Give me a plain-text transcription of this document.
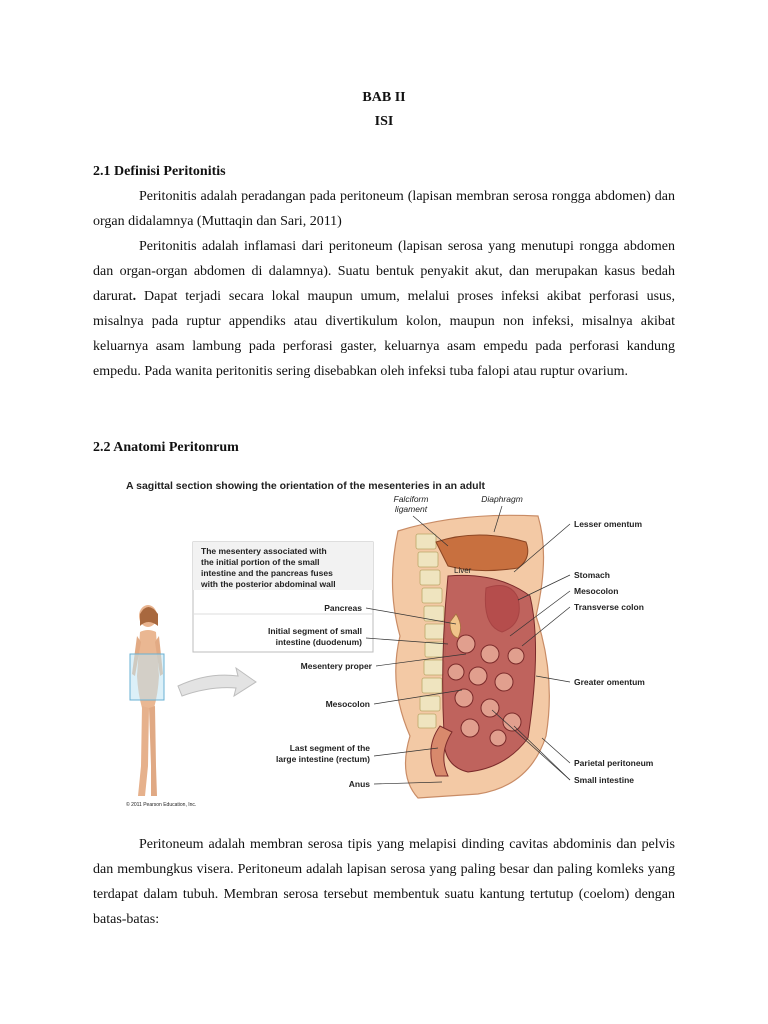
BAB II
ISI
2.1 Definisi Peritonitis

Peritonitis adalah peradangan pada peritoneum (lapisan membran serosa rongga abdomen) dan organ didalamnya (Muttaqin dan Sari, 2011)

Peritonitis adalah inflamasi dari peritoneum (lapisan serosa yang menutupi rongga abdomen dan organ-organ abdomen di dalamnya). Suatu bentuk penyakit akut, dan merupakan kasus bedah darurat. Dapat terjadi secara lokal maupun umum, melalui proses infeksi akibat perforasi usus, misalnya pada ruptur appendiks atau divertikulum kolon, maupun non infeksi, misalnya akibat keluarnya asam lambung pada perforasi gaster, keluarnya asam empedu pada perforasi kandung empedu. Pada wanita peritonitis sering disebabkan oleh infeksi tuba falopi atau ruptur ovarium.

2.2 Anatomi Peritonrum
A sagittal section showing the orientation of the mesenteries in an adult
© 2011 Pearson Education, Inc.
The mesentery associated with
the initial portion of the small
intestine and the pancreas fuses
with the posterior abdominal wall
Liver
Falciform
ligament
Diaphragm
Pancreas
Initial segment of small
intestine (duodenum)
Mesentery proper
Mesocolon
Last segment of the
large intestine (rectum)
Anus
Lesser omentum
Stomach
Mesocolon
Transverse colon
Greater omentum
Parietal peritoneum
Small intestine

Peritoneum adalah membran serosa tipis yang melapisi dinding cavitas abdominis dan pelvis dan membungkus visera. Peritoneum adalah lapisan serosa yang paling besar dan paling komleks yang terdapat dalam tubuh. Membran serosa tersebut membentuk suatu kantung tertutup (coelom) dengan batas-batas:
